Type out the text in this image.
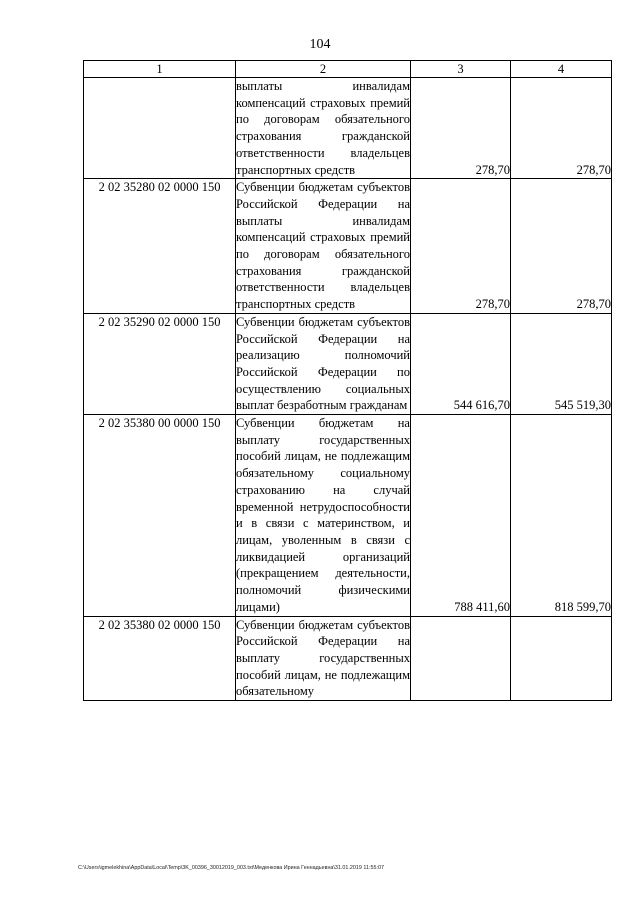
104
1	2	3	4
	выплаты инвалидам компенсаций страховых премий по договорам обязательного страхования гражданской ответственности владельцев транспортных средств	278,70	278,70
2 02 35280 02 0000 150	Субвенции бюджетам субъектов Российской Федерации на выплаты инвалидам компенсаций страховых премий по договорам обязательного страхования гражданской ответственности владельцев транспортных средств	278,70	278,70
2 02 35290 02 0000 150	Субвенции бюджетам субъектов Российской Федерации на реализацию полномочий Российской Федерации по осуществлению социальных выплат безработным гражданам	544 616,70	545 519,30
2 02 35380 00 0000 150	Субвенции бюджетам на выплату государственных пособий лицам, не подлежащим обязательному социальному страхованию на случай временной нетрудоспособности и в связи с материнством, и лицам, уволенным в связи с ликвидацией организаций (прекращением деятельности, полномочий физическими лицами)	788 411,60	818 599,70
2 02 35380 02 0000 150	Субвенции бюджетам субъектов Российской Федерации на выплату государственных пособий лицам, не подлежащим обязательному		
C:\Users\igmelekhina\AppData\Local\Temp\3K_00396_30012019_003.txt\Меденкова Ирина Геннадьевна\31.01.2019 11:55:07
